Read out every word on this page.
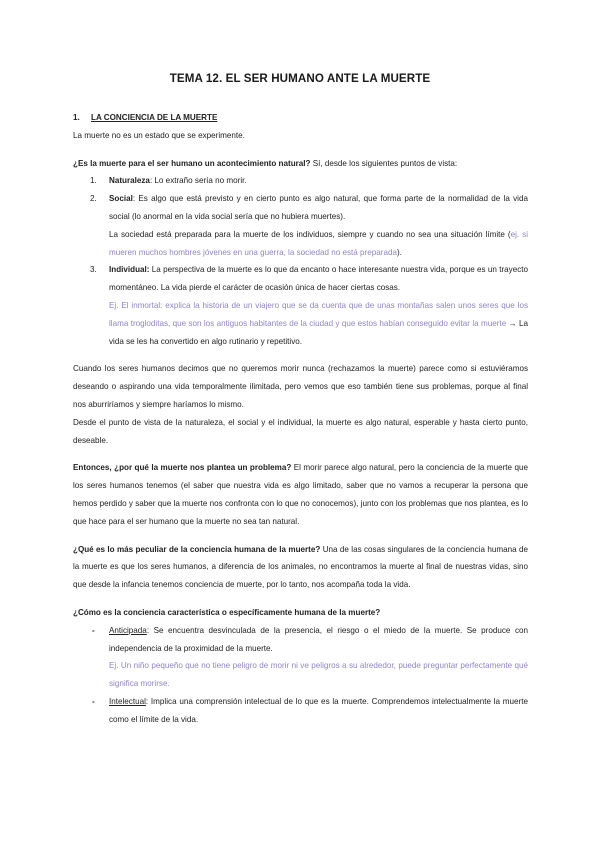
TEMA 12. EL SER HUMANO ANTE LA MUERTE

1. LA CONCIENCIA DE LA MUERTE

La muerte no es un estado que se experimente.

¿Es la muerte para el ser humano un acontecimiento natural? Sí, desde los siguientes puntos de vista:

1. Naturaleza: Lo extraño sería no morir.

2. Social: Es algo que está previsto y en cierto punto es algo natural, que forma parte de la normalidad de la vida social (lo anormal en la vida social sería que no hubiera muertes).

La sociedad está preparada para la muerte de los individuos, siempre y cuando no sea una situación límite (ej. si mueren muchos hombres jóvenes en una guerra, la sociedad no está preparada).

3. Individual: La perspectiva de la muerte es lo que da encanto o hace interesante nuestra vida, porque es un trayecto momentáneo. La vida pierde el carácter de ocasión única de hacer ciertas cosas.

Ej. El inmortal: explica la historia de un viajero que se da cuenta que de unas montañas salen unos seres que los llama trogloditas, que son los antiguos habitantes de la ciudad y que estos habían conseguido evitar la muerte → La vida se les ha convertido en algo rutinario y repetitivo.

Cuando los seres humanos decimos que no queremos morir nunca (rechazamos la muerte) parece como si estuviéramos deseando o aspirando una vida temporalmente ilimitada, pero vemos que eso también tiene sus problemas, porque al final nos aburriríamos y siempre haríamos lo mismo.

Desde el punto de vista de la naturaleza, el social y el individual, la muerte es algo natural, esperable y hasta cierto punto, deseable.

Entonces, ¿por qué la muerte nos plantea un problema? El morir parece algo natural, pero la conciencia de la muerte que los seres humanos tenemos (el saber que nuestra vida es algo limitado, saber que no vamos a recuperar la persona que hemos perdido y saber que la muerte nos confronta con lo que no conocemos), junto con los problemas que nos plantea, es lo que hace para el ser humano que la muerte no sea tan natural.

¿Qué es lo más peculiar de la conciencia humana de la muerte? Una de las cosas singulares de la conciencia humana de la muerte es que los seres humanos, a diferencia de los animales, no encontramos la muerte al final de nuestras vidas, sino que desde la infancia tenemos conciencia de muerte, por lo tanto, nos acompaña toda la vida.

¿Cómo es la conciencia característica o específicamente humana de la muerte?

- Anticipada: Se encuentra desvinculada de la presencia, el riesgo o el miedo de la muerte. Se produce con independencia de la proximidad de la muerte.

Ej. Un niño pequeño que no tiene peligro de morir ni ve peligros a su alrededor, puede preguntar perfectamente qué significa morirse.

- Intelectual: Implica una comprensión intelectual de lo que es la muerte. Comprendemos intelectualmente la muerte como el límite de la vida.
